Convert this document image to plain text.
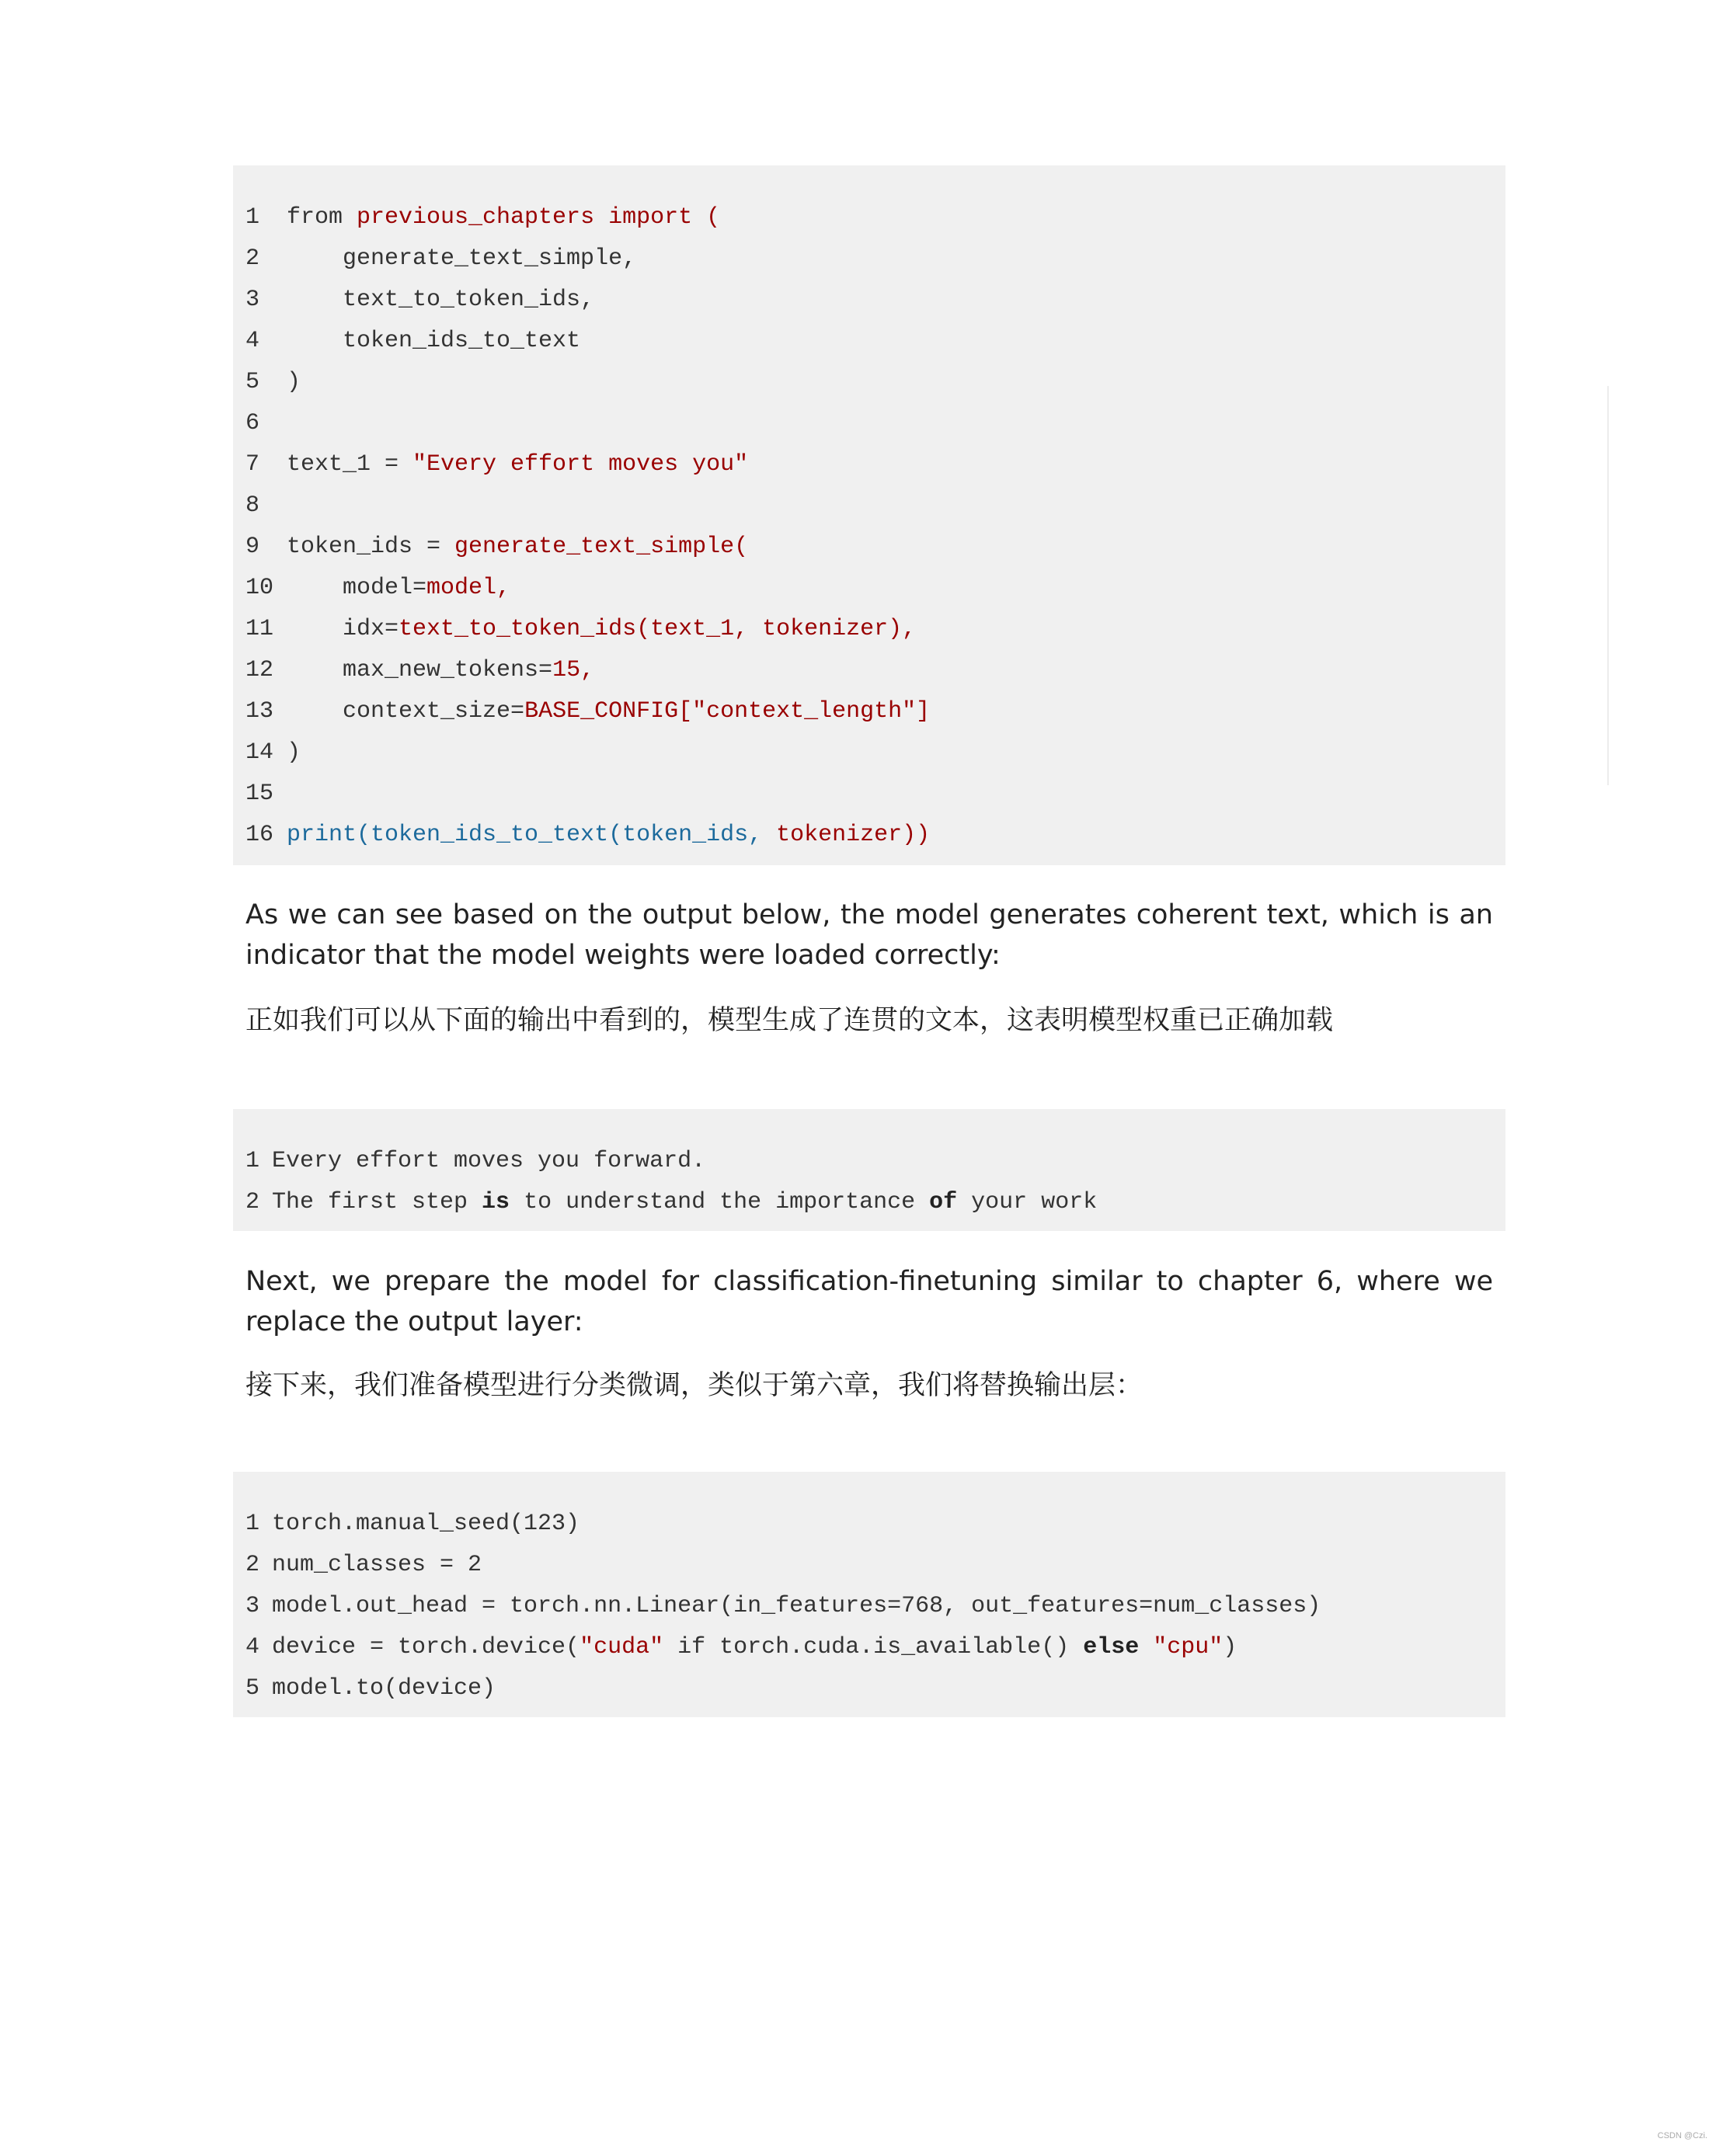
1 from previous_chapters import (
2 generate_text_simple,
3 text_to_token_ids,
4 token_ids_to_text
5 )
6
7 text_1 = "Every effort moves you"
8
9 token_ids = generate_text_simple(
10 model=model,
11 idx=text_to_token_ids(text_1, tokenizer),
12 max_new_tokens=15,
13 context_size=BASE_CONFIG["context_length"]
14 )
15
16 print(token_ids_to_text(token_ids, tokenizer))

As we can see based on the output below, the model generates coherent text, which is an indicator that the model weights were loaded correctly:

正如我们可以从下面的输出中看到的，模型生成了连贯的文本，这表明模型权重已正确加载

1 Every effort moves you forward.
2 The first step is to understand the importance of your work

Next, we prepare the model for classification-finetuning similar to chapter 6, where we replace the output layer:

接下来，我们准备模型进行分类微调，类似于第六章，我们将替换输出层：

1 torch.manual_seed(123)
2 num_classes = 2
3 model.out_head = torch.nn.Linear(in_features=768, out_features=num_classes)
4 device = torch.device("cuda" if torch.cuda.is_available() else "cpu")
5 model.to(device)
CSDN @Czi.
